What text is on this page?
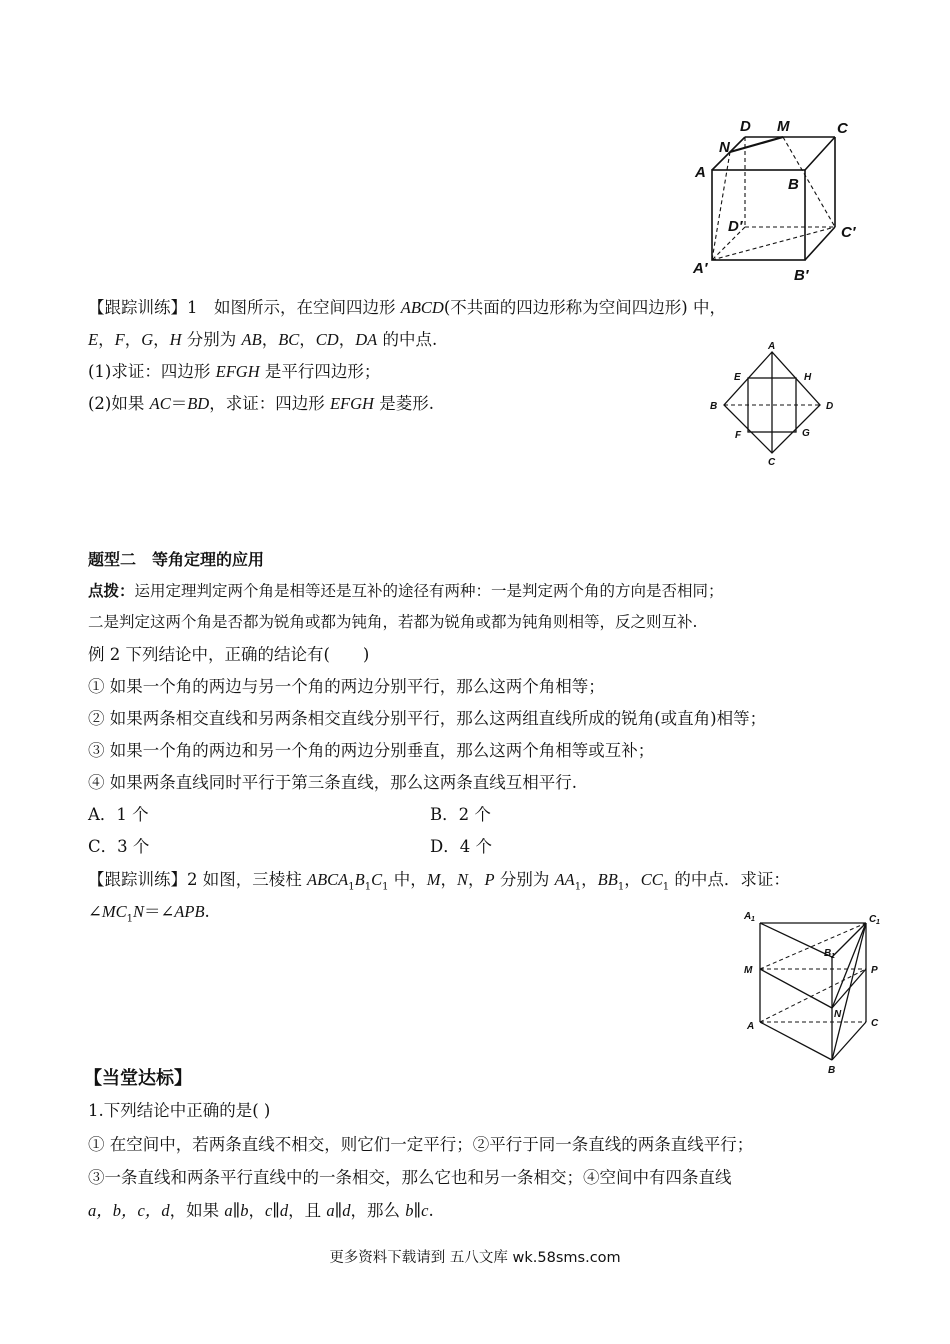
D M	C
N
A
B
D′	C′
A′	B′
【跟踪训练】1　如图所示，在空间四边形 ABCD(不共面的四边形称为空间四边形) 中，
E，F，G，H 分别为 AB，BC，CD，DA 的中点.
(1)求证：四边形 EFGH 是平行四边形；
(2)如果 AC＝BD，求证：四边形 EFGH 是菱形.
A
E	H
B	D
F	G
C
题型二　等角定理的应用
点拨：运用定理判定两个角是相等还是互补的途径有两种：一是判定两个角的方向是否相同；
二是判定这两个角是否都为锐角或都为钝角，若都为锐角或都为钝角则相等，反之则互补.
例 2 下列结论中，正确的结论有(　　)
① 如果一个角的两边与另一个角的两边分别平行，那么这两个角相等；
② 如果两条相交直线和另两条相交直线分别平行，那么这两组直线所成的锐角(或直角)相等；
③ 如果一个角的两边和另一个角的两边分别垂直，那么这两个角相等或互补；
④ 如果两条直线同时平行于第三条直线，那么这两条直线互相平行.
A．1 个	B．2 个
C．3 个	D．4 个
【跟踪训练】2 如图，三棱柱 $ABCA_1B_1C_1$ 中，M，N，P 分别为 $AA_1$，$BB_1$，$CC_1$ 的中点．求证：
$\angle MC_1N=\angle APB$.	A 1	C 1
B 1
M	P
N
A	C
B
【当堂达标】
1.下列结论中正确的是( )
① 在空间中，若两条直线不相交，则它们一定平行；②平行于同一条直线的两条直线平行；
③一条直线和两条平行直线中的一条相交，那么它也和另一条相交；④空间中有四条直线
a，b，c，d，如果 a∥b，c∥d，且 a∥d，那么 b∥c.
更多资料下载请到 五八文库 wk.58sms.com
